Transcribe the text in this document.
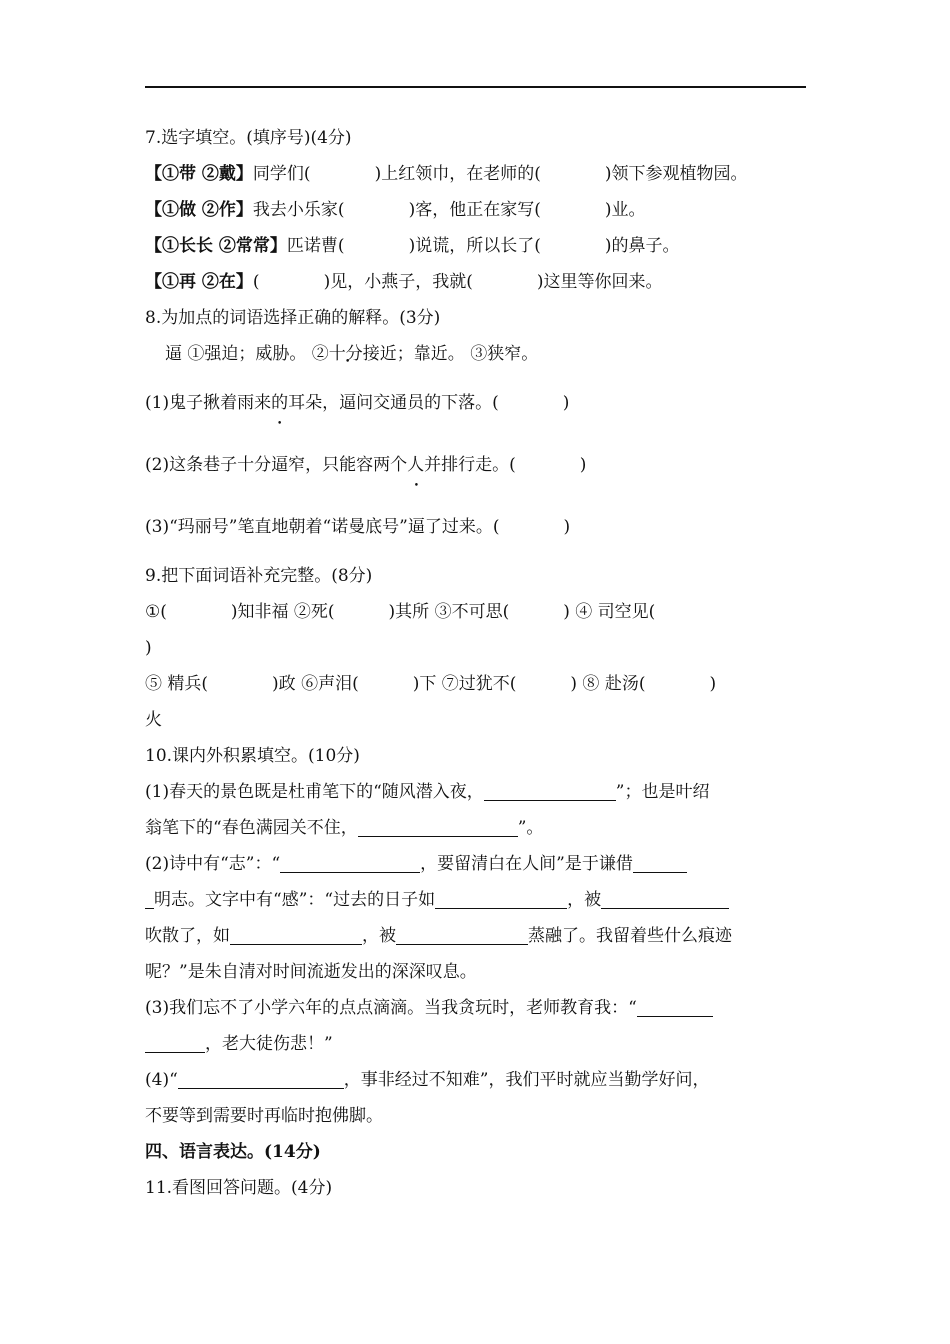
7.选字填空。(填序号)(4分)
【①带 ②戴】同学们(	)上红领巾，在老师的(	)领下参观植物园。
【①做 ②作】我去小乐家(	)客，他正在家写(	)业。
【①长长 ②常常】匹诺曹(	)说谎，所以长了(	)的鼻子。
【①再 ②在】(	)见，小燕子，我就(	)这里等你回来。
8.为加点的词语选择正确的解释。(3分)
逼 ①强迫；威胁。 ②十分接近；靠近。 ③狭窄。
(1)鬼子揪着雨来的耳朵，逼问交通员的下落。(	)
(2)这条巷子十分逼窄，只能容两个人并排行走。(	)
(3)“玛丽号”笔直地朝着“诺曼底号”逼了过来。(	)
9.把下面词语补充完整。(8分)
①(	)知非福 ②死(	)其所 ③不可思(	) ④ 司空见(
)
⑤ 精兵(	)政 ⑥声泪(	)下 ⑦过犹不(	) ⑧ 赴汤(	)
火
10.课内外积累填空。(10分)
(1)春天的景色既是杜甫笔下的“随风潜入夜，	”；也是叶绍
翁笔下的“春色满园关不住，	”。
(2)诗中有“志”：“	，要留清白在人间”是于谦借
明志。文字中有“感”：“过去的日子如	，被
吹散了，如	，被	蒸融了。我留着些什么痕迹
呢？”是朱自清对时间流逝发出的深深叹息。
(3)我们忘不了小学六年的点点滴滴。当我贪玩时，老师教育我：“
，老大徒伤悲！”
(4)“	，事非经过不知难”，我们平时就应当勤学好问，
不要等到需要时再临时抱佛脚。
四、语言表达。(14分)
11.看图回答问题。(4分)
